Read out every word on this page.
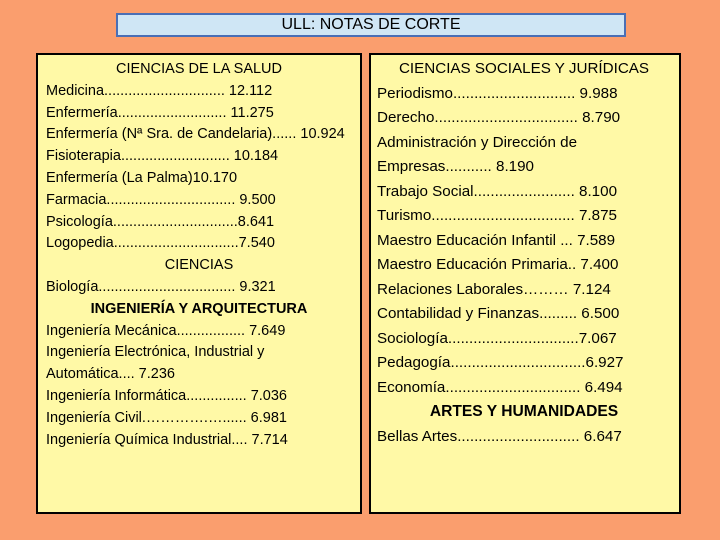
ULL: NOTAS DE CORTE
CIENCIAS DE LA SALUD
Medicina.............................. 12.112
Enfermería........................... 11.275
Enfermería (Nª Sra. de Candelaria)...... 10.924
Fisioterapia........................... 10.184
Enfermería (La Palma)10.170
Farmacia................................ 9.500
Psicología...............................8.641
Logopedia...............................7.540
CIENCIAS
Biología.................................. 9.321
INGENIERÍA Y ARQUITECTURA
Ingeniería Mecánica................. 7.649
Ingeniería Electrónica, Industrial y Automática.... 7.236
Ingeniería Informática............... 7.036
Ingeniería Civil.………….…...... 6.981
Ingeniería Química Industrial.... 7.714
CIENCIAS SOCIALES Y JURÍDICAS
Periodismo............................. 9.988
Derecho.................................. 8.790
Administración y Dirección de Empresas........... 8.190
Trabajo Social........................ 8.100
Turismo.................................. 7.875
Maestro Educación Infantil ... 7.589
Maestro Educación Primaria.. 7.400
Relaciones Laborales……… 7.124
Contabilidad y Finanzas......... 6.500
Sociología...............................7.067
Pedagogía................................6.927
Economía................................ 6.494
ARTES Y HUMANIDADES
Bellas Artes............................. 6.647
